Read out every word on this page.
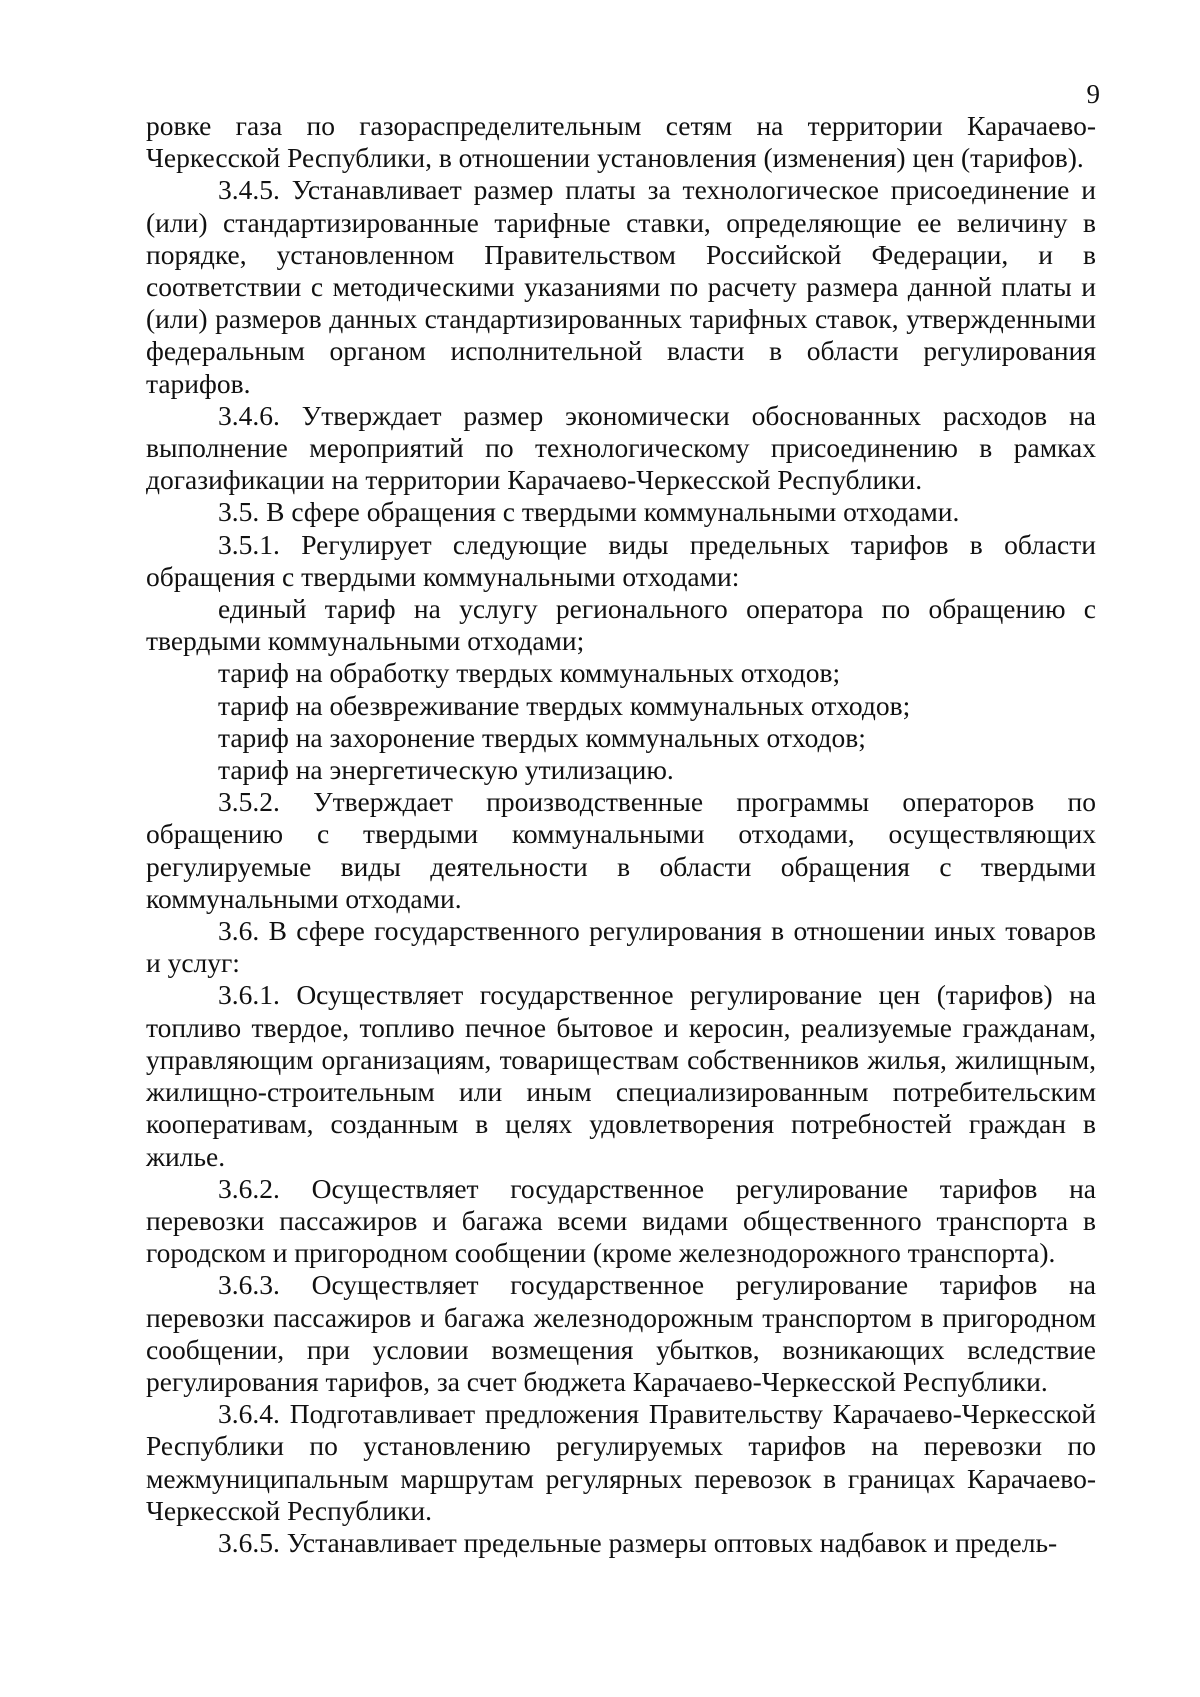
9

ровке газа по газораспределительным сетям на территории Карачаево-Черкесской Республики, в отношении установления (изменения) цен (тарифов).

3.4.5. Устанавливает размер платы за технологическое присоединение и (или) стандартизированные тарифные ставки, определяющие ее величину в порядке, установленном Правительством Российской Федерации, и в соответствии с методическими указаниями по расчету размера данной платы и (или) размеров данных стандартизированных тарифных ставок, утвержденными федеральным органом исполнительной власти в области регулирования тарифов.

3.4.6. Утверждает размер экономически обоснованных расходов на выполнение мероприятий по технологическому присоединению в рамках догазификации на территории Карачаево-Черкесской Республики.

3.5. В сфере обращения с твердыми коммунальными отходами.

3.5.1. Регулирует следующие виды предельных тарифов в области обращения с твердыми коммунальными отходами:

единый тариф на услугу регионального оператора по обращению с твердыми коммунальными отходами;

тариф на обработку твердых коммунальных отходов;

тариф на обезвреживание твердых коммунальных отходов;

тариф на захоронение твердых коммунальных отходов;

тариф на энергетическую утилизацию.

3.5.2. Утверждает производственные программы операторов по обращению с твердыми коммунальными отходами, осуществляющих регулируемые виды деятельности в области обращения с твердыми коммунальными отходами.

3.6. В сфере государственного регулирования в отношении иных товаров и услуг:

3.6.1. Осуществляет государственное регулирование цен (тарифов) на топливо твердое, топливо печное бытовое и керосин, реализуемые гражданам, управляющим организациям, товариществам собственников жилья, жилищным, жилищно-строительным или иным специализированным потребительским кооперативам, созданным в целях удовлетворения потребностей граждан в жилье.

3.6.2. Осуществляет государственное регулирование тарифов на перевозки пассажиров и багажа всеми видами общественного транспорта в городском и пригородном сообщении (кроме железнодорожного транспорта).

3.6.3. Осуществляет государственное регулирование тарифов на перевозки пассажиров и багажа железнодорожным транспортом в пригородном сообщении, при условии возмещения убытков, возникающих вследствие регулирования тарифов, за счет бюджета Карачаево-Черкесской Республики.

3.6.4. Подготавливает предложения Правительству Карачаево-Черкесской Республики по установлению регулируемых тарифов на перевозки по межмуниципальным маршрутам регулярных перевозок в границах Карачаево-Черкесской Республики.

3.6.5. Устанавливает предельные размеры оптовых надбавок и предель-
